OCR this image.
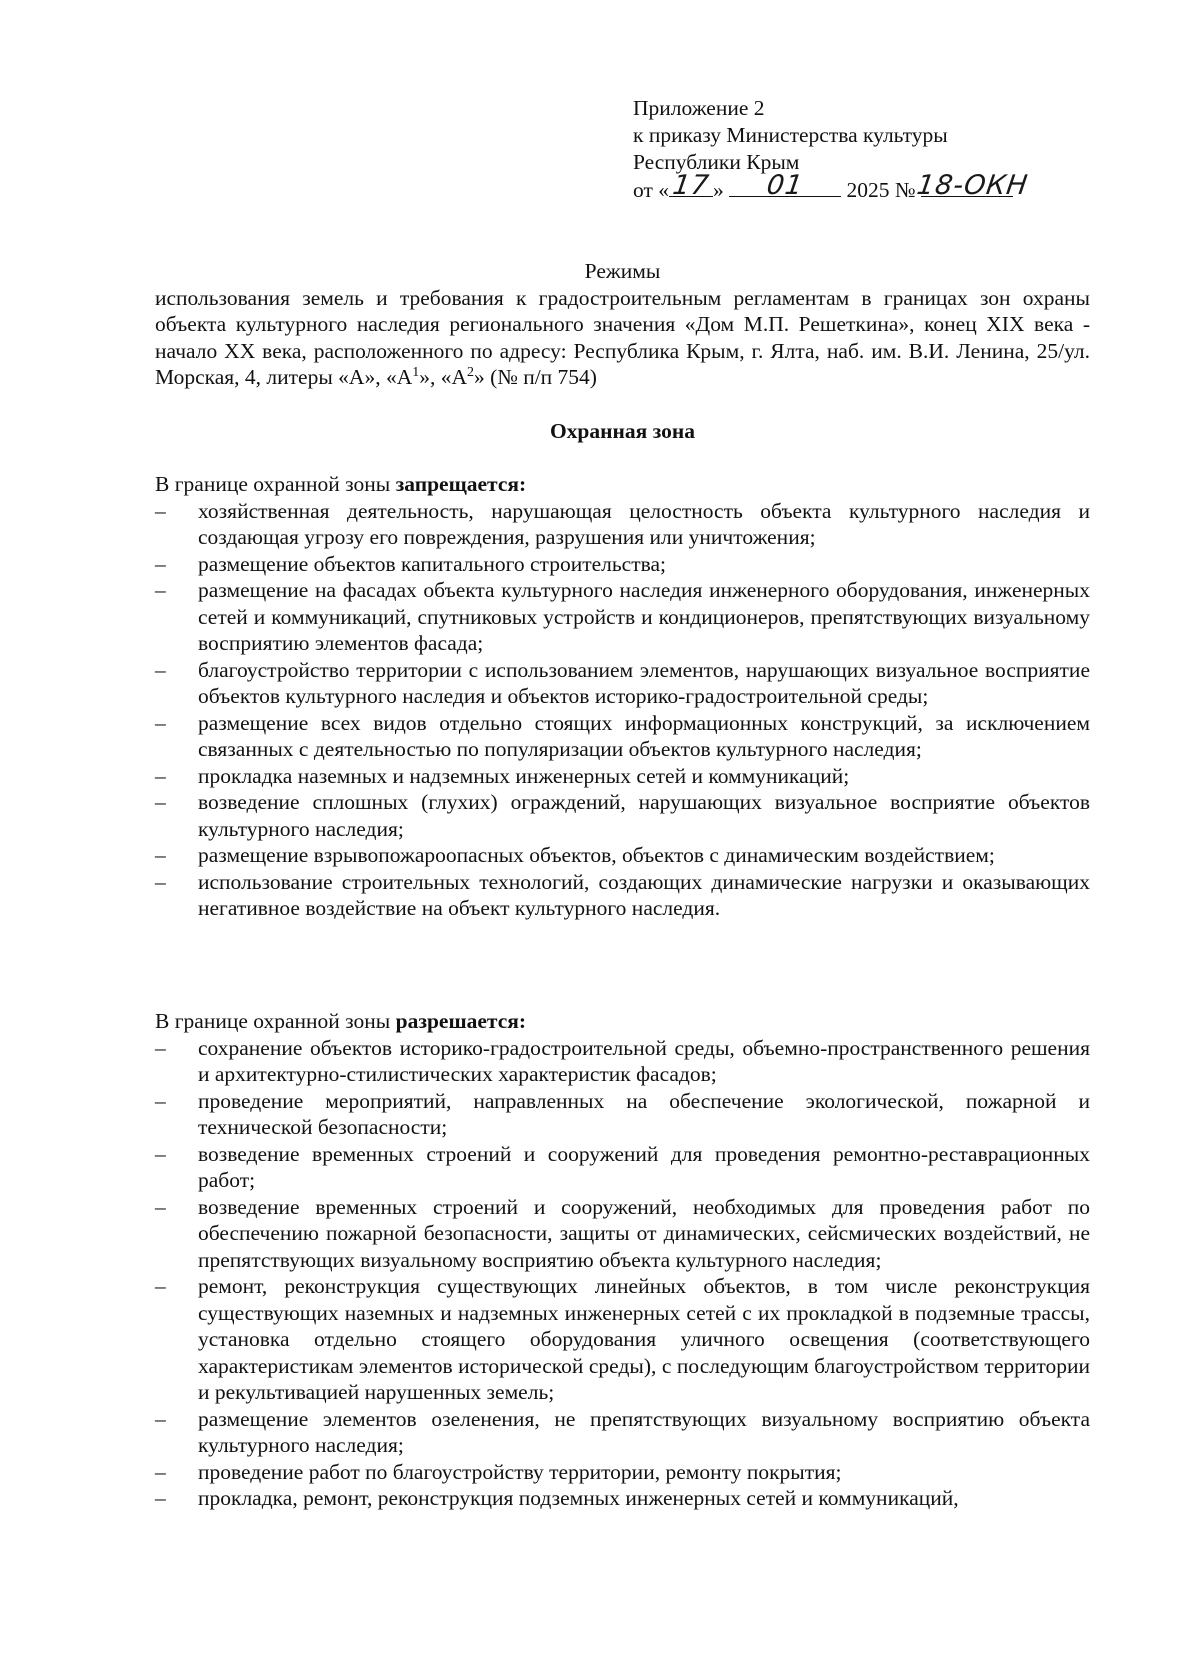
Приложение 2
к приказу Министерства культуры
Республики Крым
от « 17 »	01	2025 № 18-ОКН
Режимы
использования земель и требования к градостроительным регламентам в границах зон охраны объекта культурного наследия регионального значения «Дом М.П. Решеткина», конец XIX века - начало XX века, расположенного по адресу: Республика Крым, г. Ялта, наб. им. В.И. Ленина, 25/ул. Морская, 4, литеры «А», «$А^1$», «$А^2$» (№ п/п 754)
Охранная зона
В границе охранной зоны запрещается:
– хозяйственная деятельность, нарушающая целостность объекта культурного наследия и создающая угрозу его повреждения, разрушения или уничтожения;
– размещение объектов капитального строительства;
– размещение на фасадах объекта культурного наследия инженерного оборудования, инженерных сетей и коммуникаций, спутниковых устройств и кондиционеров, препятствующих визуальному восприятию элементов фасада;
– благоустройство территории с использованием элементов, нарушающих визуальное восприятие объектов культурного наследия и объектов историко-градостроительной среды;
– размещение всех видов отдельно стоящих информационных конструкций, за исключением связанных с деятельностью по популяризации объектов культурного наследия;
– прокладка наземных и надземных инженерных сетей и коммуникаций;
– возведение сплошных (глухих) ограждений, нарушающих визуальное восприятие объектов культурного наследия;
– размещение взрывопожароопасных объектов, объектов с динамическим воздействием;
– использование строительных технологий, создающих динамические нагрузки и оказывающих негативное воздействие на объект культурного наследия.
В границе охранной зоны разрешается:
– сохранение объектов историко-градостроительной среды, объемно-пространственного решения и архитектурно-стилистических характеристик фасадов;
– проведение мероприятий, направленных на обеспечение экологической, пожарной и технической безопасности;
– возведение временных строений и сооружений для проведения ремонтно-реставрационных работ;
– возведение временных строений и сооружений, необходимых для проведения работ по обеспечению пожарной безопасности, защиты от динамических, сейсмических воздействий, не препятствующих визуальному восприятию объекта культурного наследия;
– ремонт, реконструкция существующих линейных объектов, в том числе реконструкция существующих наземных и надземных инженерных сетей с их прокладкой в подземные трассы, установка отдельно стоящего оборудования уличного освещения (соответствующего характеристикам элементов исторической среды), с последующим благоустройством территории и рекультивацией нарушенных земель;
– размещение элементов озеленения, не препятствующих визуальному восприятию объекта культурного наследия;
– проведение работ по благоустройству территории, ремонту покрытия;
– прокладка, ремонт, реконструкция подземных инженерных сетей и коммуникаций,
